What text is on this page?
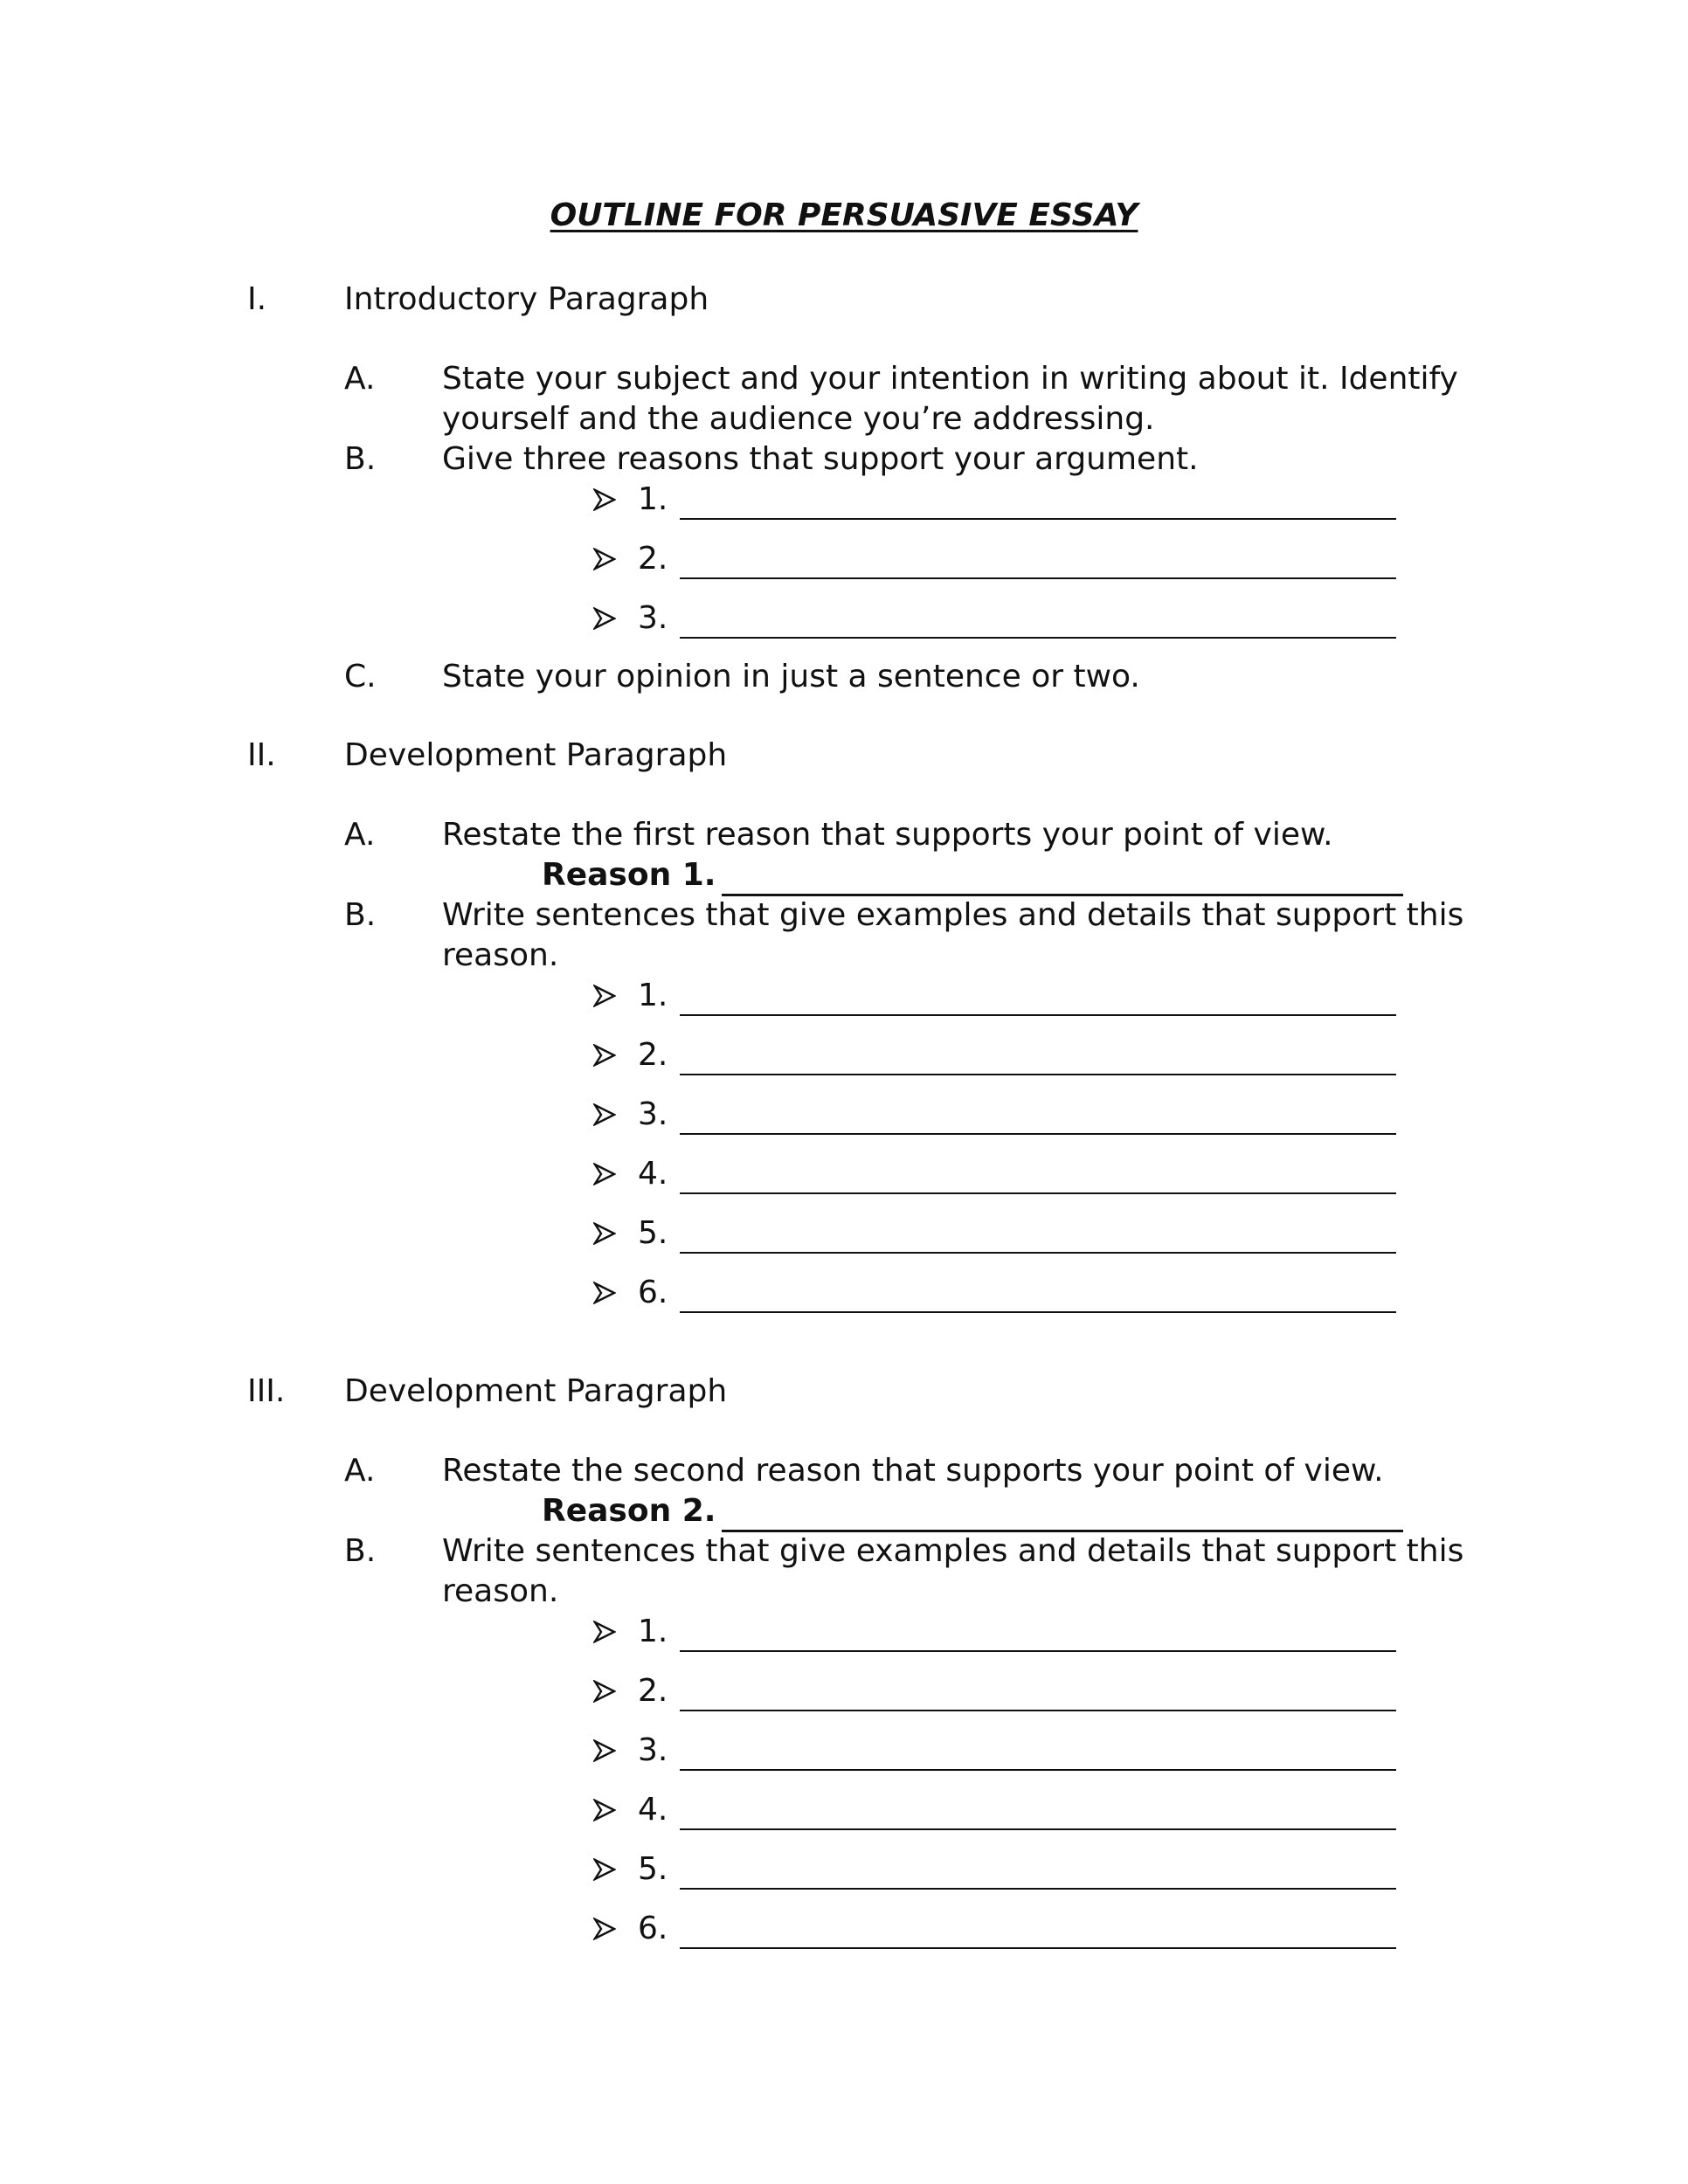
OUTLINE FOR PERSUASIVE ESSAY
I. Introductory Paragraph
A. State your subject and your intention in writing about it. Identify
yourself and the audience you’re addressing.
B. Give three reasons that support your argument.
1.
2.
3.
C. State your opinion in just a sentence or two.
II. Development Paragraph
A. Restate the first reason that supports your point of view.
Reason 1.
B. Write sentences that give examples and details that support this
reason.
1.
2.
3.
4.
5.
6.
III. Development Paragraph
A. Restate the second reason that supports your point of view.
Reason 2.
B. Write sentences that give examples and details that support this
reason.
1.
2.
3.
4.
5.
6.
